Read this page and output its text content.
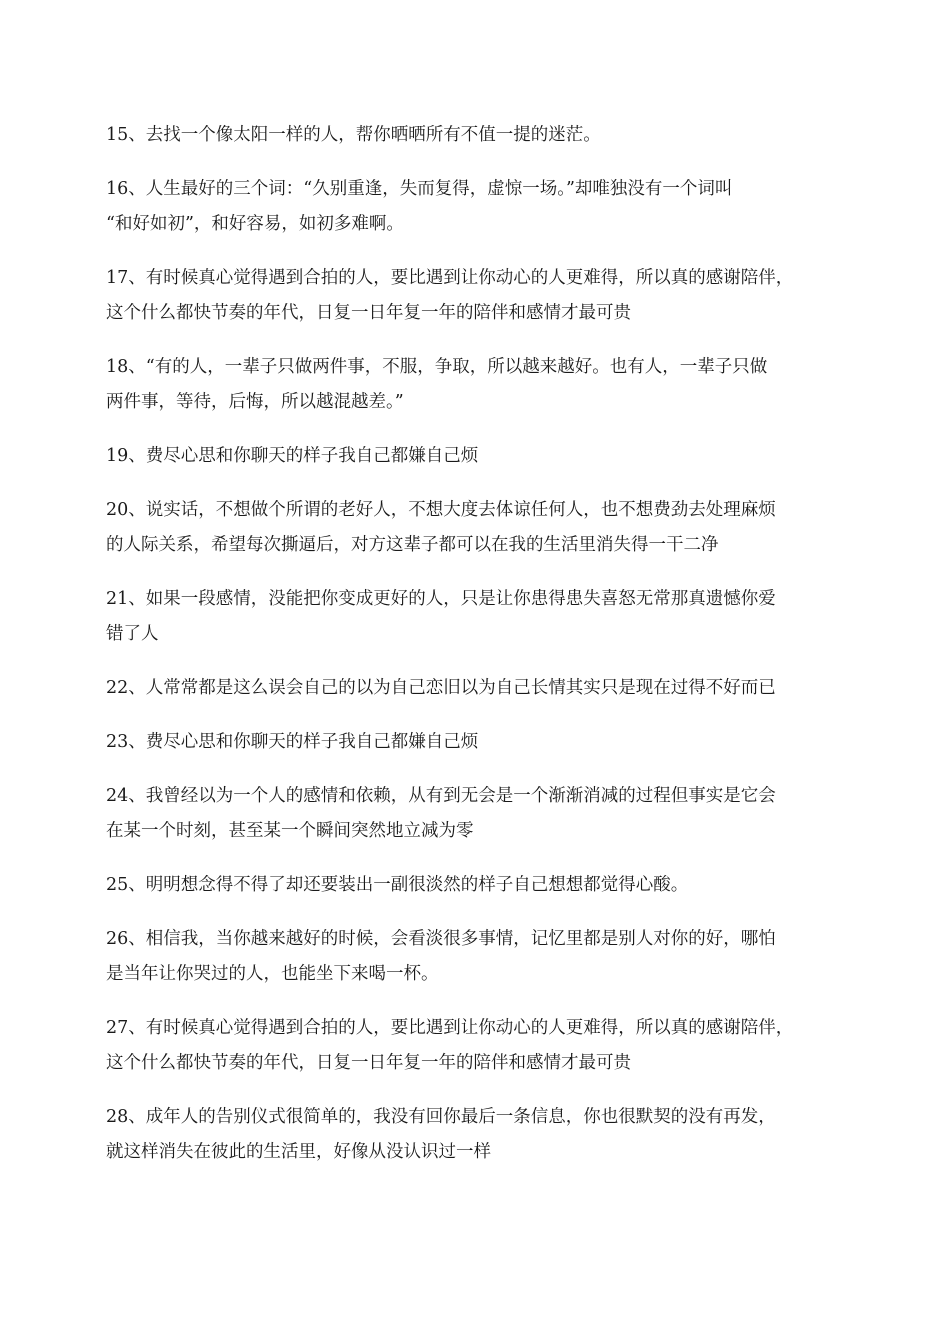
15、去找一个像太阳一样的人，帮你晒晒所有不值一提的迷茫。

16、人生最好的三个词：“久别重逢，失而复得，虚惊一场。”却唯独没有一个词叫
“和好如初”，和好容易，如初多难啊。

17、有时候真心觉得遇到合拍的人，要比遇到让你动心的人更难得，所以真的感谢陪伴，
这个什么都快节奏的年代，日复一日年复一年的陪伴和感情才最可贵

18、“有的人，一辈子只做两件事，不服，争取，所以越来越好。也有人，一辈子只做
两件事，等待，后悔，所以越混越差。”

19、费尽心思和你聊天的样子我自己都嫌自己烦

20、说实话，不想做个所谓的老好人，不想大度去体谅任何人，也不想费劲去处理麻烦
的人际关系，希望每次撕逼后，对方这辈子都可以在我的生活里消失得一干二净

21、如果一段感情，没能把你变成更好的人，只是让你患得患失喜怒无常那真遗憾你爱
错了人

22、人常常都是这么误会自己的以为自己恋旧以为自己长情其实只是现在过得不好而已

23、费尽心思和你聊天的样子我自己都嫌自己烦

24、我曾经以为一个人的感情和依赖，从有到无会是一个渐渐消减的过程但事实是它会
在某一个时刻，甚至某一个瞬间突然地立减为零

25、明明想念得不得了却还要装出一副很淡然的样子自己想想都觉得心酸。

26、相信我，当你越来越好的时候，会看淡很多事情，记忆里都是别人对你的好，哪怕
是当年让你哭过的人，也能坐下来喝一杯。

27、有时候真心觉得遇到合拍的人，要比遇到让你动心的人更难得，所以真的感谢陪伴，
这个什么都快节奏的年代，日复一日年复一年的陪伴和感情才最可贵

28、成年人的告别仪式很简单的，我没有回你最后一条信息，你也很默契的没有再发，
就这样消失在彼此的生活里，好像从没认识过一样
